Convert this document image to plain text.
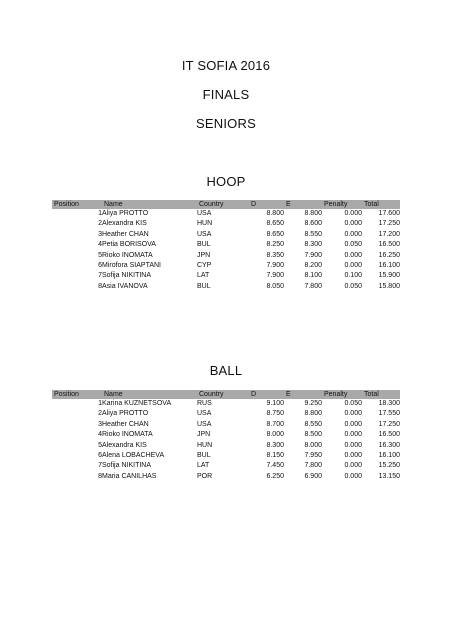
IT SOFIA 2016
FINALS
SENIORS
HOOP
Position	Name	Country	D	E	Penalty	Total
1	Aliya PROTTO	USA	8.800	8.800	0.000	17.600
2	Alexandra KIS	HUN	8.650	8.600	0.000	17.250
3	Heather CHAN	USA	8.650	8.550	0.000	17.200
4	Petia BORISOVA	BUL	8.250	8.300	0.050	16.500
5	Rioko INOMATA	JPN	8.350	7.900	0.000	16.250
6	Mirofora SIAPTANI	CYP	7.900	8.200	0.000	16.100
7	Sofija NIKITINA	LAT	7.900	8.100	0.100	15.900
8	Asia IVANOVA	BUL	8.050	7.800	0.050	15.800
BALL
Position	Name	Country	D	E	Penalty	Total
1	Karina KUZNETSOVA	RUS	9.100	9.250	0.050	18.300
2	Aliya PROTTO	USA	8.750	8.800	0.000	17.550
3	Heather CHAN	USA	8.700	8.550	0.000	17.250
4	Rioko INOMATA	JPN	8.000	8.500	0.000	16.500
5	Alexandra KIS	HUN	8.300	8.000	0.000	16.300
6	Alena LOBACHEVA	BUL	8.150	7.950	0.000	16.100
7	Sofija NIKITINA	LAT	7.450	7.800	0.000	15.250
8	Maria CANILHAS	POR	6.250	6.900	0.000	13.150
